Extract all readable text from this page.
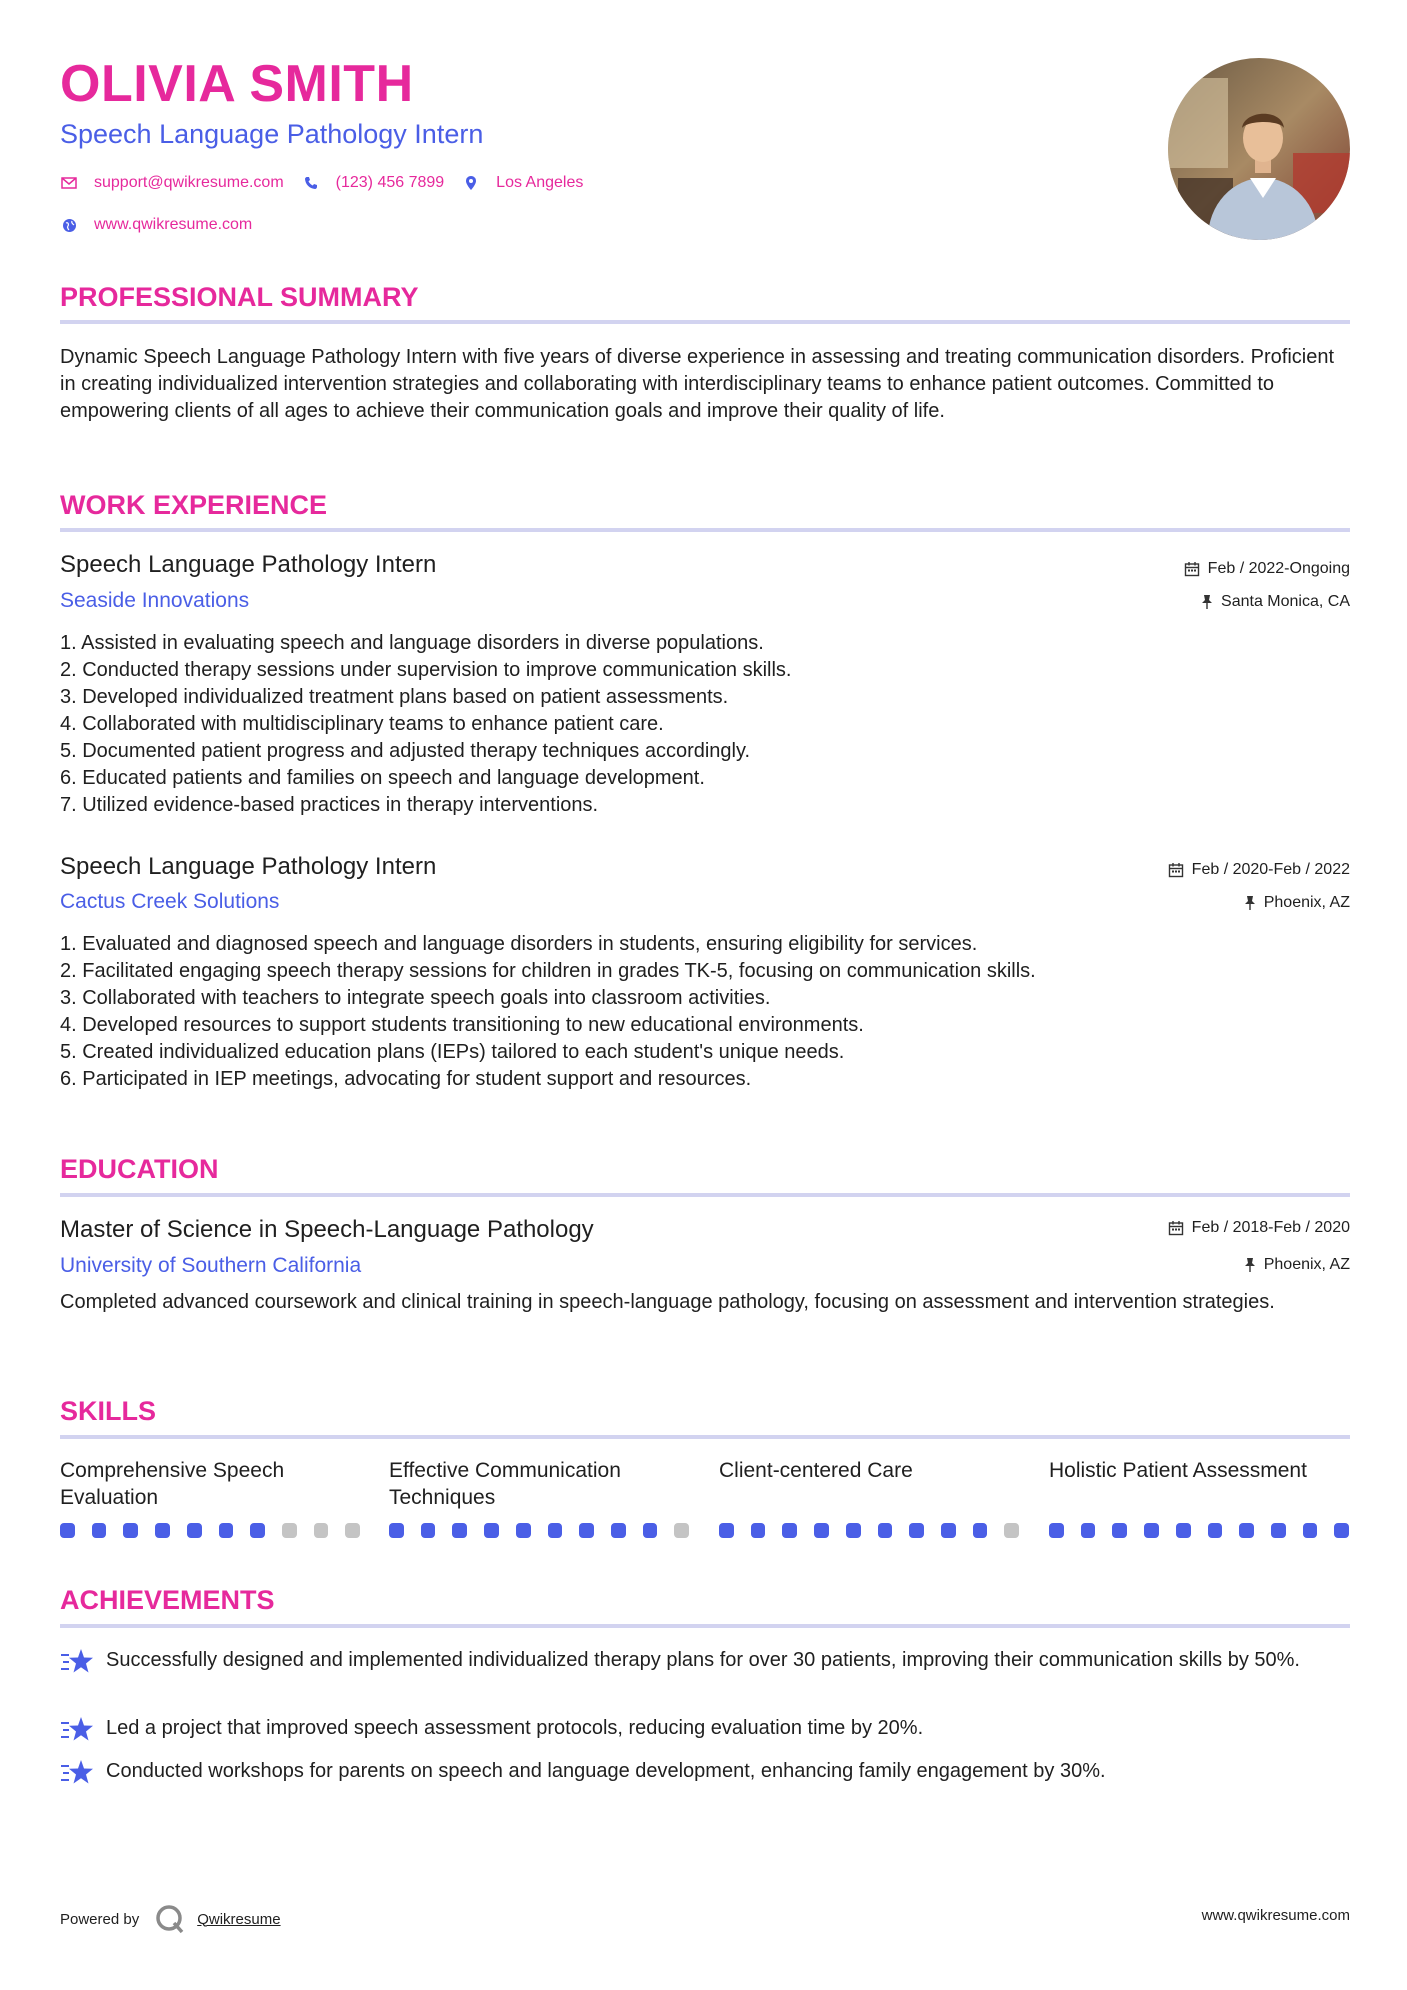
OLIVIA SMITH
Speech Language Pathology Intern
support@qwikresume.com	(123) 456 7899	Los Angeles
www.qwikresume.com
PROFESSIONAL SUMMARY
Dynamic Speech Language Pathology Intern with five years of diverse experience in assessing and treating communication disorders. Proficient in creating individualized intervention strategies and collaborating with interdisciplinary teams to enhance patient outcomes. Committed to empowering clients of all ages to achieve their communication goals and improve their quality of life.
WORK EXPERIENCE
Speech Language Pathology Intern
Seaside Innovations
Feb / 2022-Ongoing
Santa Monica, CA
1. Assisted in evaluating speech and language disorders in diverse populations.
2. Conducted therapy sessions under supervision to improve communication skills.
3. Developed individualized treatment plans based on patient assessments.
4. Collaborated with multidisciplinary teams to enhance patient care.
5. Documented patient progress and adjusted therapy techniques accordingly.
6. Educated patients and families on speech and language development.
7. Utilized evidence-based practices in therapy interventions.
Speech Language Pathology Intern
Cactus Creek Solutions
Feb / 2020-Feb / 2022
Phoenix, AZ
1. Evaluated and diagnosed speech and language disorders in students, ensuring eligibility for services.
2. Facilitated engaging speech therapy sessions for children in grades TK-5, focusing on communication skills.
3. Collaborated with teachers to integrate speech goals into classroom activities.
4. Developed resources to support students transitioning to new educational environments.
5. Created individualized education plans (IEPs) tailored to each student's unique needs.
6. Participated in IEP meetings, advocating for student support and resources.
EDUCATION
Master of Science in Speech-Language Pathology
University of Southern California
Feb / 2018-Feb / 2020
Phoenix, AZ
Completed advanced coursework and clinical training in speech-language pathology, focusing on assessment and intervention strategies.
SKILLS
Comprehensive Speech Evaluation
Effective Communication Techniques
Client-centered Care	Holistic Patient Assessment
ACHIEVEMENTS
Successfully designed and implemented individualized therapy plans for over 30 patients, improving their communication skills by 50%.
Led a project that improved speech assessment protocols, reducing evaluation time by 20%.
Conducted workshops for parents on speech and language development, enhancing family engagement by 30%.
Powered by	Qwikresume	www.qwikresume.com
